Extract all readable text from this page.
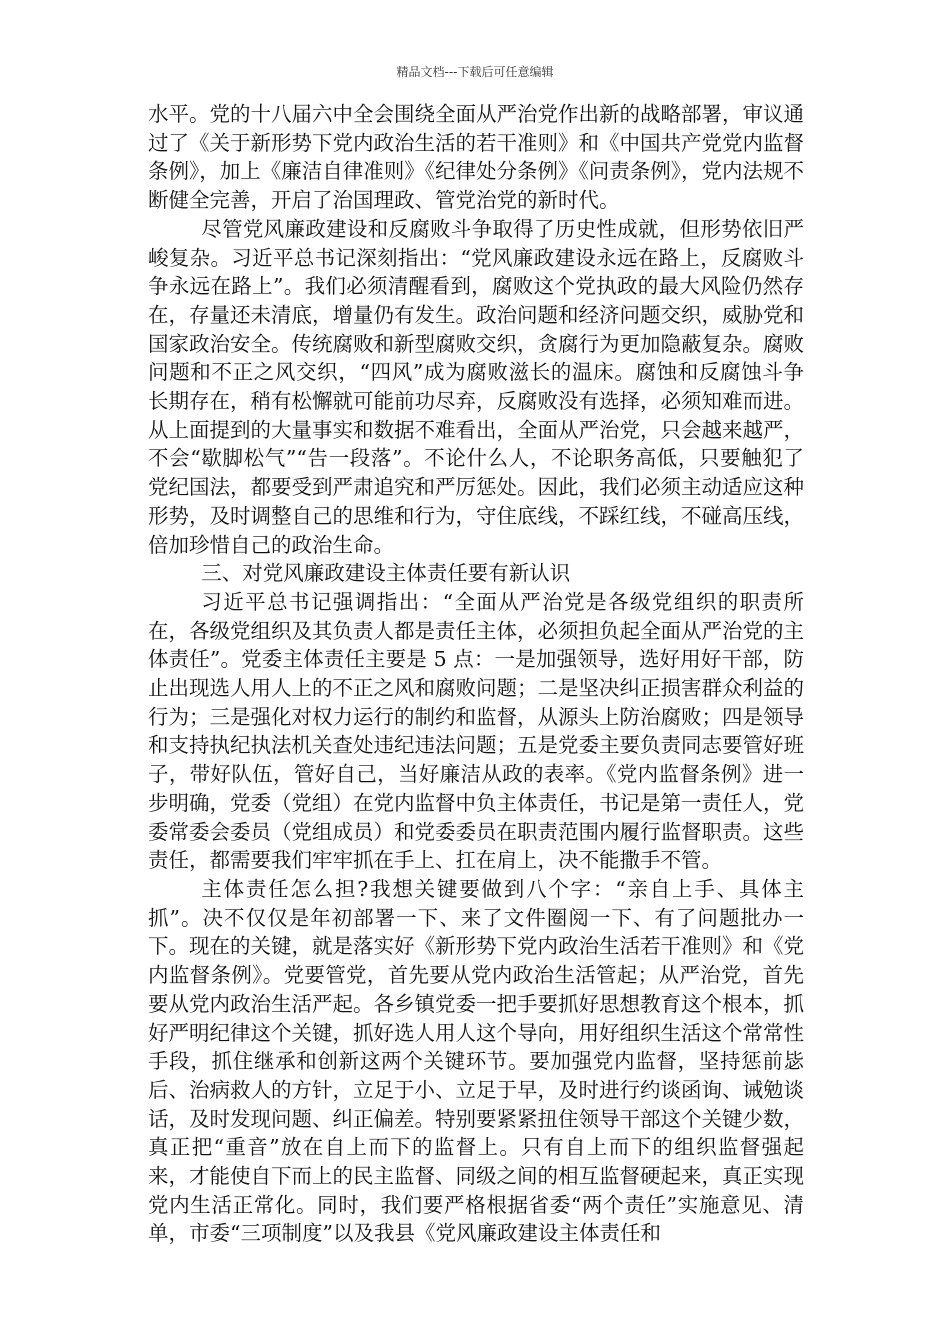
精品文档---下载后可任意编辑

水平。党的十八届六中全会围绕全面从严治党作出新的战略部署，审议通过了《关于新形势下党内政治生活的若干准则》和《中国共产党党内监督条例》，加上《廉洁自律准则》《纪律处分条例》《问责条例》，党内法规不断健全完善，开启了治国理政、管党治党的新时代。

尽管党风廉政建设和反腐败斗争取得了历史性成就，但形势依旧严峻复杂。习近平总书记深刻指出：“党风廉政建设永远在路上，反腐败斗争永远在路上”。我们必须清醒看到，腐败这个党执政的最大风险仍然存在，存量还未清底，增量仍有发生。政治问题和经济问题交织，威胁党和国家政治安全。传统腐败和新型腐败交织，贪腐行为更加隐蔽复杂。腐败问题和不正之风交织，“四风”成为腐败滋长的温床。腐蚀和反腐蚀斗争长期存在，稍有松懈就可能前功尽弃，反腐败没有选择，必须知难而进。从上面提到的大量事实和数据不难看出，全面从严治党，只会越来越严，不会“歇脚松气”“告一段落”。不论什么人，不论职务高低，只要触犯了党纪国法，都要受到严肃追究和严厉惩处。因此，我们必须主动适应这种形势，及时调整自己的思维和行为，守住底线，不踩红线，不碰高压线，倍加珍惜自己的政治生命。

三、对党风廉政建设主体责任要有新认识

习近平总书记强调指出：“全面从严治党是各级党组织的职责所在，各级党组织及其负责人都是责任主体，必须担负起全面从严治党的主体责任”。党委主体责任主要是 5 点：一是加强领导，选好用好干部，防止出现选人用人上的不正之风和腐败问题；二是坚决纠正损害群众利益的行为；三是强化对权力运行的制约和监督，从源头上防治腐败；四是领导和支持执纪执法机关查处违纪违法问题；五是党委主要负责同志要管好班子，带好队伍，管好自己，当好廉洁从政的表率。《党内监督条例》进一步明确，党委（党组）在党内监督中负主体责任，书记是第一责任人，党委常委会委员（党组成员）和党委委员在职责范围内履行监督职责。这些责任，都需要我们牢牢抓在手上、扛在肩上，决不能撒手不管。

主体责任怎么担?我想关键要做到八个字：“亲自上手、具体主抓”。决不仅仅是年初部署一下、来了文件圈阅一下、有了问题批办一下。现在的关键，就是落实好《新形势下党内政治生活若干准则》和《党内监督条例》。党要管党，首先要从党内政治生活管起；从严治党，首先要从党内政治生活严起。各乡镇党委一把手要抓好思想教育这个根本，抓好严明纪律这个关键，抓好选人用人这个导向，用好组织生活这个常常性手段，抓住继承和创新这两个关键环节。要加强党内监督，坚持惩前毖后、治病救人的方针，立足于小、立足于早，及时进行约谈函询、诫勉谈话，及时发现问题、纠正偏差。特别要紧紧扭住领导干部这个关键少数，真正把“重音”放在自上而下的监督上。只有自上而下的组织监督强起来，才能使自下而上的民主监督、同级之间的相互监督硬起来，真正实现党内生活正常化。同时，我们要严格根据省委“两个责任”实施意见、清单，市委“三项制度”以及我县《党风廉政建设主体责任和
